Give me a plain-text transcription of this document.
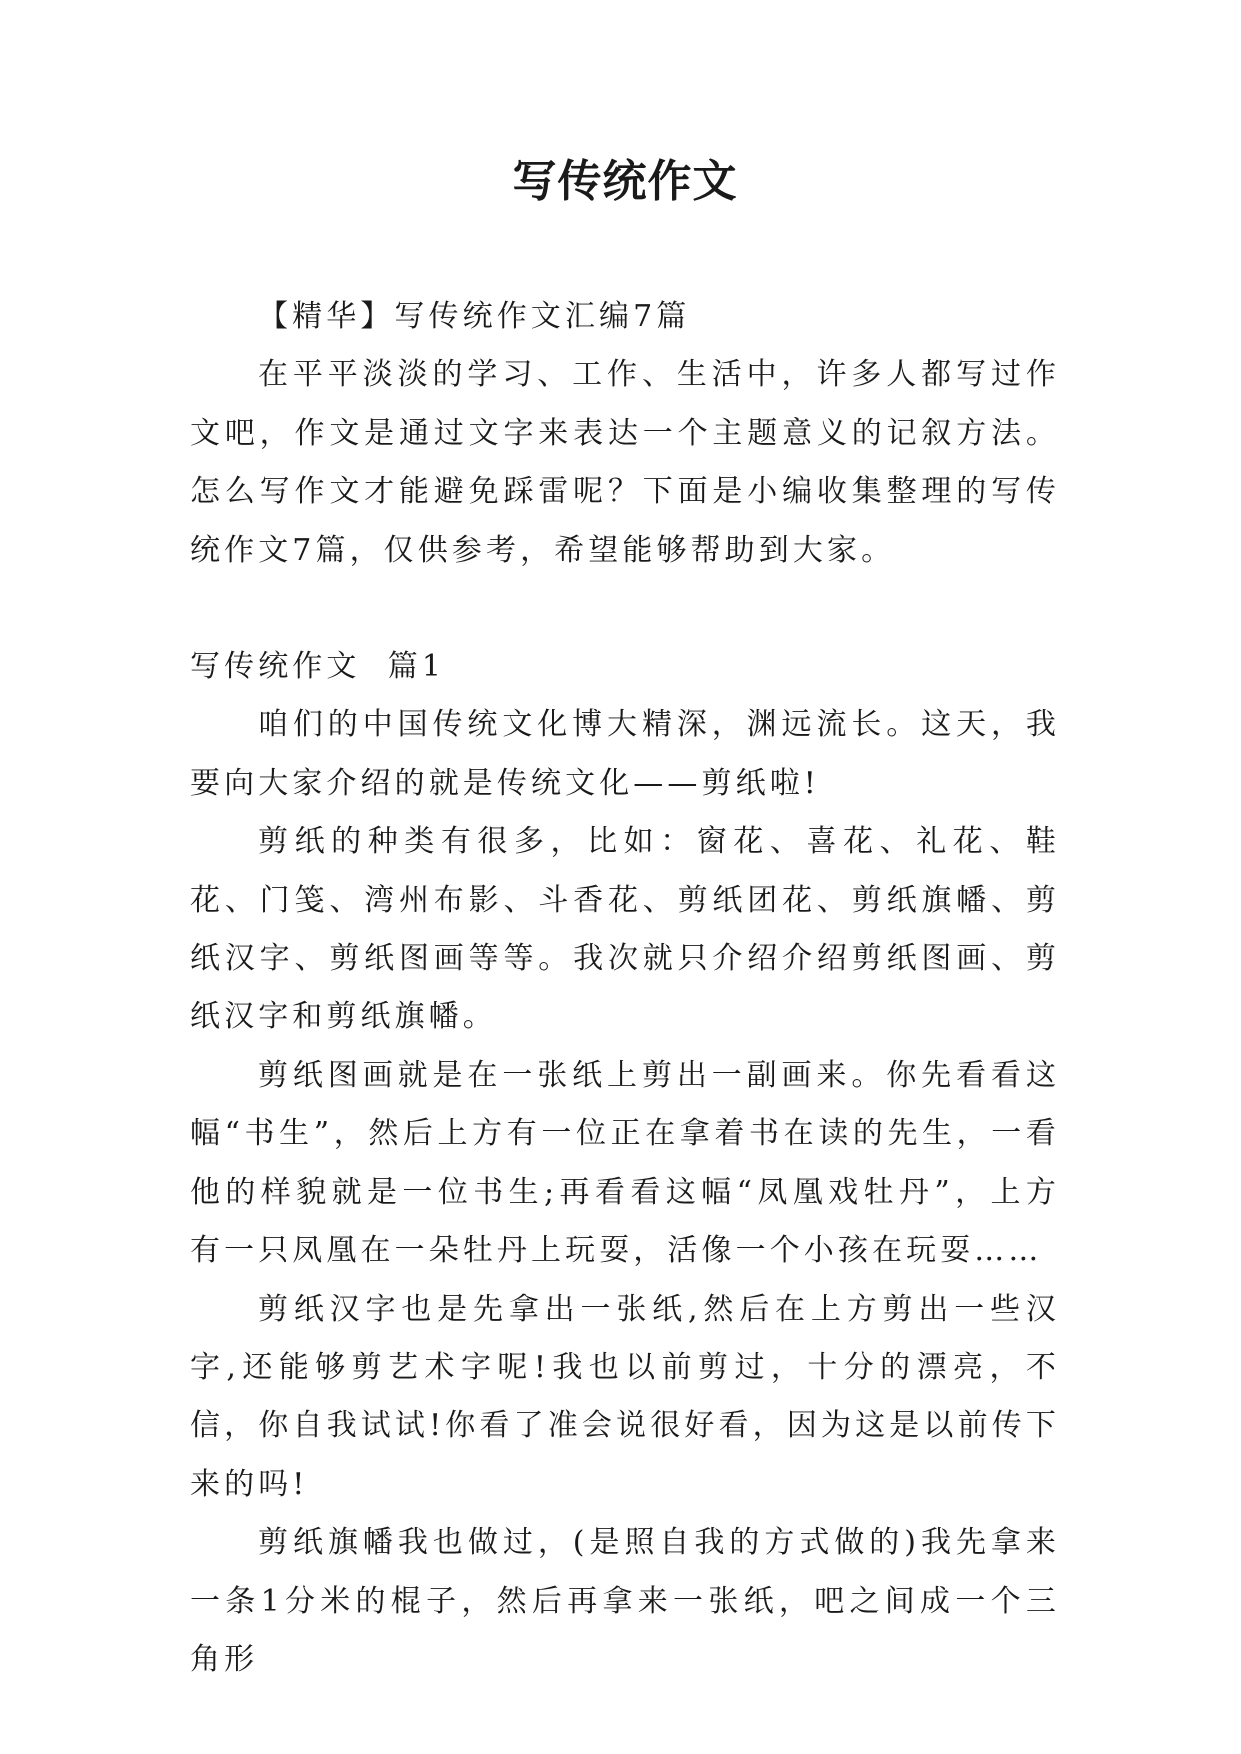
写传统作文

【精华】写传统作文汇编7篇

在平平淡淡的学习、工作、生活中，许多人都写过作文吧，作文是通过文字来表达一个主题意义的记叙方法。怎么写作文才能避免踩雷呢？下面是小编收集整理的写传统作文7篇，仅供参考，希望能够帮助到大家。

写传统作文  篇1

咱们的中国传统文化博大精深，渊远流长。这天，我要向大家介绍的就是传统文化——剪纸啦!

剪纸的种类有很多，比如：窗花、喜花、礼花、鞋花、门笺、湾州布影、斗香花、剪纸团花、剪纸旗幡、剪纸汉字、剪纸图画等等。我次就只介绍介绍剪纸图画、剪纸汉字和剪纸旗幡。

剪纸图画就是在一张纸上剪出一副画来。你先看看这幅“书生”，然后上方有一位正在拿着书在读的先生，一看他的样貌就是一位书生;再看看这幅“凤凰戏牡丹”，上方有一只凤凰在一朵牡丹上玩耍，活像一个小孩在玩耍……

剪纸汉字也是先拿出一张纸,然后在上方剪出一些汉字,还能够剪艺术字呢!我也以前剪过，十分的漂亮，不信，你自我试试!你看了准会说很好看，因为这是以前传下来的吗!

剪纸旗幡我也做过，(是照自我的方式做的)我先拿来一条1分米的棍子，然后再拿来一张纸，吧之间成一个三角形
